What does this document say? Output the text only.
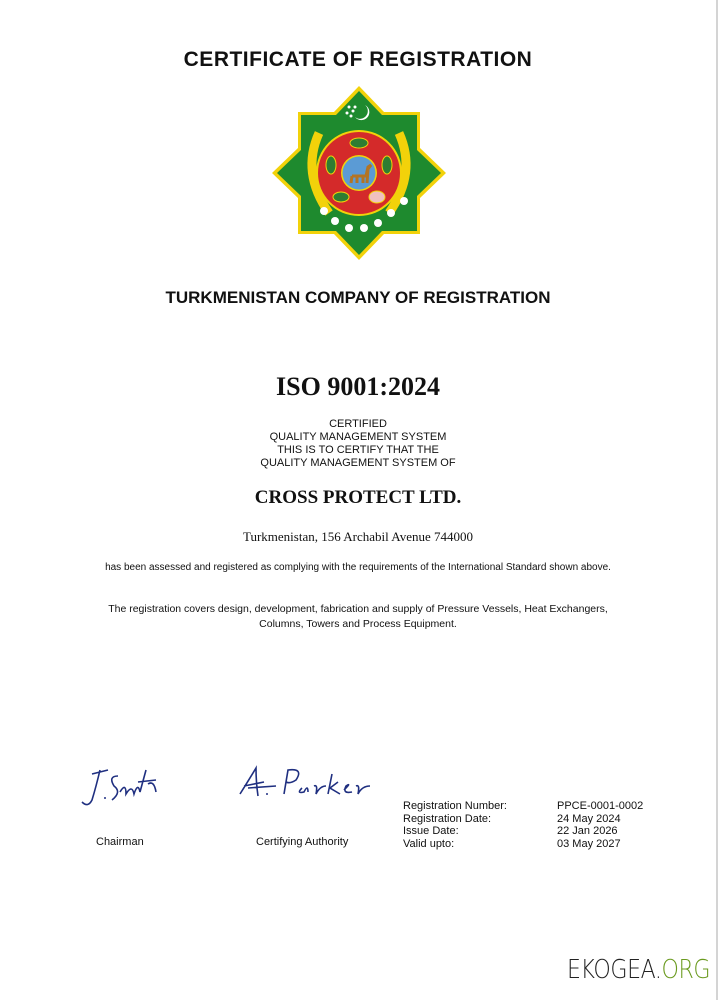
CERTIFICATE OF REGISTRATION
TURKMENISTAN COMPANY OF REGISTRATION
ISO 9001:2024
CERTIFIED
QUALITY MANAGEMENT SYSTEM
THIS IS TO CERTIFY THAT THE
QUALITY MANAGEMENT SYSTEM OF
CROSS PROTECT LTD.
Turkmenistan, 156 Archabil Avenue 744000
has been assessed and registered as complying with the requirements of the International Standard shown above.
The registration covers design, development, fabrication and supply of Pressure Vessels, Heat Exchangers, Columns, Towers and Process Equipment.
Chairman	Certifying Authority
Registration Number:	PPCE-0001-0002
Registration Date:	24 May 2024
Issue Date:	22 Jan 2026
Valid upto:	03 May 2027
EKOGEA.ORG
